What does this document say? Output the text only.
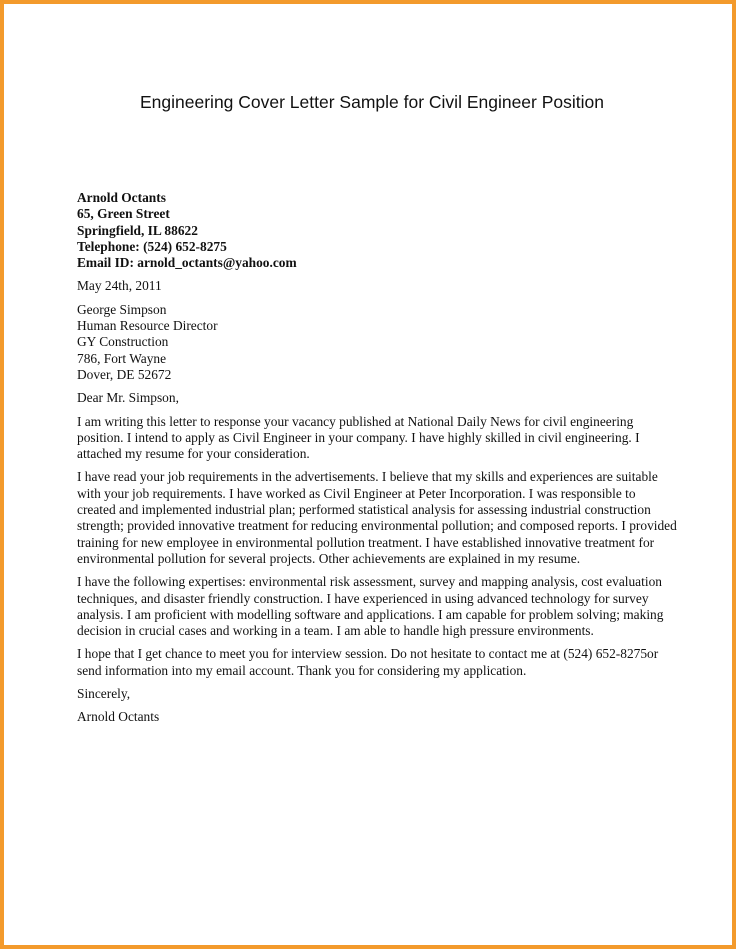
Engineering Cover Letter Sample for Civil Engineer Position

Arnold Octants

65, Green Street

Springfield, IL 88622

Telephone: (524) 652-8275

Email ID: arnold_octants@yahoo.com

May 24th, 2011

George Simpson

Human Resource Director

GY Construction

786, Fort Wayne

Dover, DE 52672

Dear Mr. Simpson,

I am writing this letter to response your vacancy published at National Daily News for civil engineering position. I intend to apply as Civil Engineer in your company. I have highly skilled in civil engineering. I attached my resume for your consideration.

I have read your job requirements in the advertisements. I believe that my skills and experiences are suitable with your job requirements. I have worked as Civil Engineer at Peter Incorporation. I was responsible to created and implemented industrial plan; performed statistical analysis for assessing industrial construction strength; provided innovative treatment for reducing environmental pollution; and composed reports. I provided training for new employee in environmental pollution treatment. I have established innovative treatment for environmental pollution for several projects. Other achievements are explained in my resume.

I have the following expertises: environmental risk assessment, survey and mapping analysis, cost evaluation techniques, and disaster friendly construction. I have experienced in using advanced technology for survey analysis. I am proficient with modelling software and applications. I am capable for problem solving; making decision in crucial cases and working in a team. I am able to handle high pressure environments.

I hope that I get chance to meet you for interview session. Do not hesitate to contact me at (524) 652-8275or send information into my email account. Thank you for considering my application.

Sincerely,

Arnold Octants
